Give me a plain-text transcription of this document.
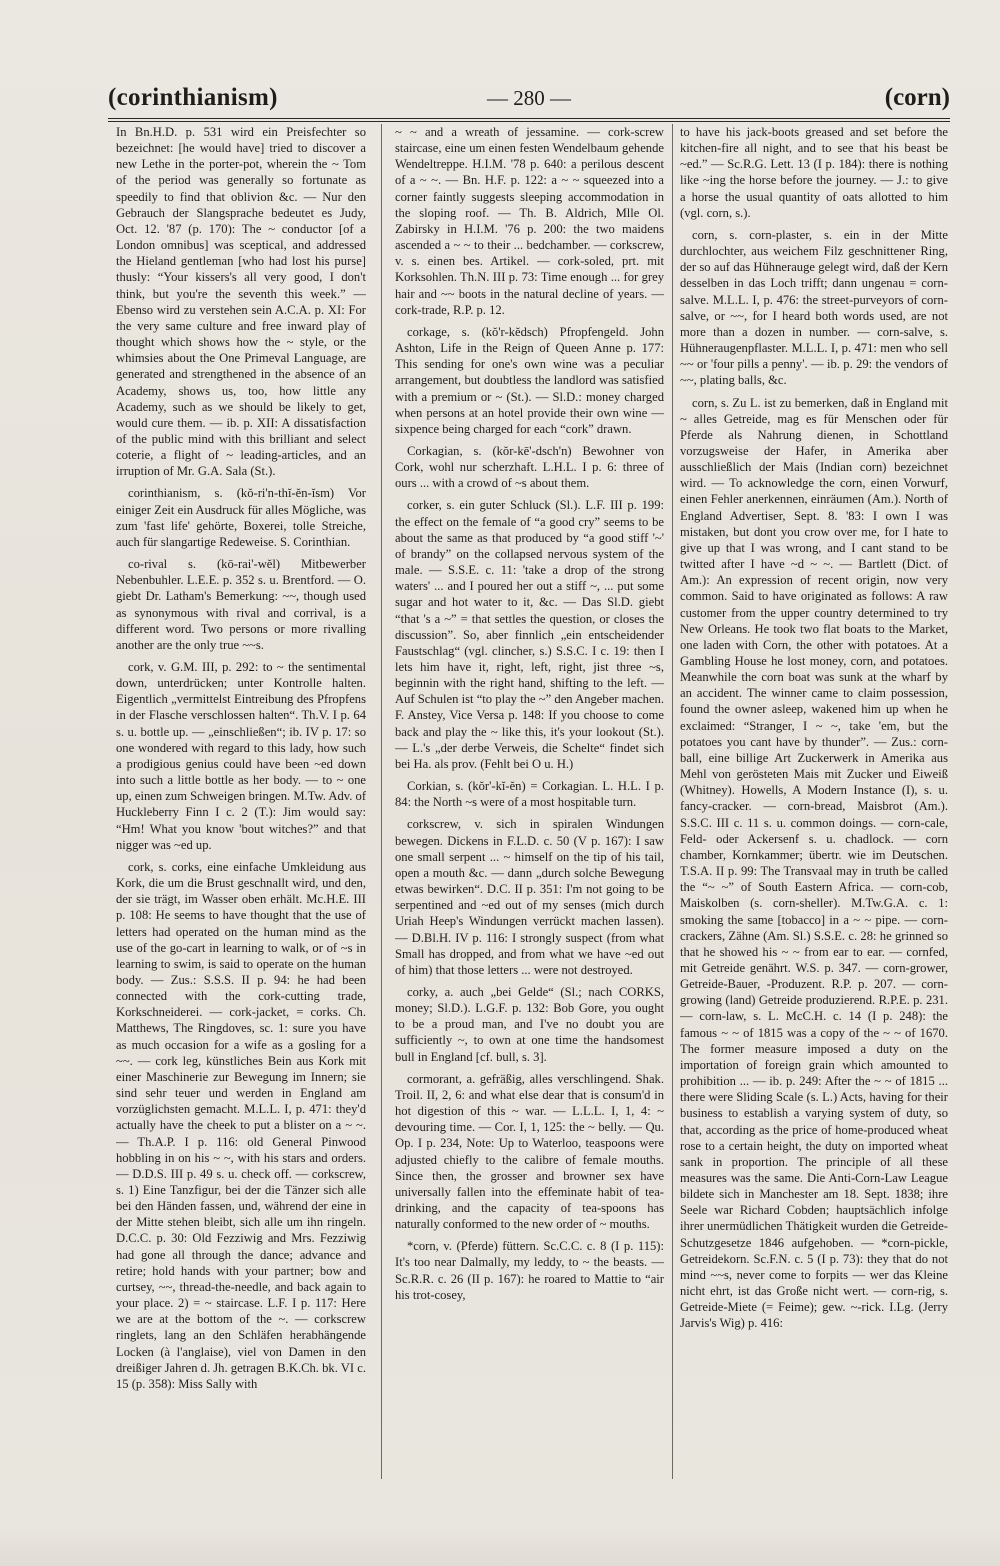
(corinthianism)	— 280 —	(corn)

In Bn.H.D. p. 531 wird ein Preisfechter so bezeichnet: [he would have] tried to discover a new Lethe in the porter-pot, wherein the ~ Tom of the period was generally so fortunate as speedily to find that oblivion &c. — Nur den Gebrauch der Slangsprache bedeutet es Judy, Oct. 12. '87 (p. 170): The ~ conductor [of a London omnibus] was sceptical, and addressed the Hieland gentleman [who had lost his purse] thusly: “Your kissers's all very good, I don't think, but you're the seventh this week.” — Ebenso wird zu verstehen sein A.C.A. p. XI: For the very same culture and free inward play of thought which shows how the ~ style, or the whimsies about the One Primeval Language, are generated and strengthened in the absence of an Academy, shows us, too, how little any Academy, such as we should be likely to get, would cure them. — ib. p. XII: A dissatisfaction of the public mind with this brilliant and select coterie, a flight of ~ leading-articles, and an irruption of Mr. G.A. Sala (St.).

corinthianism, s. (kŏ-ri'n-thĭ-ĕn-ĭsm) Vor einiger Zeit ein Ausdruck für alles Mögliche, was zum 'fast life' gehörte, Boxerei, tolle Streiche, auch für slangartige Redeweise. S. Corinthian.

co-rival s. (kō-rai'-wĕl) Mitbewerber Nebenbuhler. L.E.E. p. 352 s. u. Brentford. — O. giebt Dr. Latham's Bemerkung: ~~, though used as synonymous with rival and corrival, is a different word. Two persons or more rivalling another are the only true ~~s.

cork, v. G.M. III, p. 292: to ~ the sentimental down, unterdrücken; unter Kontrolle halten. Eigentlich „vermittelst Eintreibung des Pfropfens in der Flasche verschlossen halten“. Th.V. I p. 64 s. u. bottle up. — „einschließen“; ib. IV p. 17: so one wondered with regard to this lady, how such a prodigious genius could have been ~ed down into such a little bottle as her body. — to ~ one up, einen zum Schweigen bringen. M.Tw. Adv. of Huckleberry Finn I c. 2 (T.): Jim would say: “Hm! What you know 'bout witches?” and that nigger was ~ed up.

cork, s. corks, eine einfache Umkleidung aus Kork, die um die Brust geschnallt wird, und den, der sie trägt, im Wasser oben erhält. Mc.H.E. III p. 108: He seems to have thought that the use of letters had operated on the human mind as the use of the go-cart in learning to walk, or of ~s in learning to swim, is said to operate on the human body. — Zus.: S.S.S. II p. 94: he had been connected with the cork-cutting trade, Korkschneiderei. — cork-jacket, = corks. Ch. Matthews, The Ringdoves, sc. 1: sure you have as much occasion for a wife as a gosling for a ~~. — cork leg, künstliches Bein aus Kork mit einer Maschinerie zur Bewegung im Innern; sie sind sehr teuer und werden in England am vorzüglichsten gemacht. M.L.L. I, p. 471: they'd actually have the cheek to put a blister on a ~ ~. — Th.A.P. I p. 116: old General Pinwood hobbling in on his ~ ~, with his stars and orders. — D.D.S. III p. 49 s. u. check off. — corkscrew, s. 1) Eine Tanzfigur, bei der die Tänzer sich alle bei den Händen fassen, und, während der eine in der Mitte stehen bleibt, sich alle um ihn ringeln. D.C.C. p. 30: Old Fezziwig and Mrs. Fezziwig had gone all through the dance; advance and retire; hold hands with your partner; bow and curtsey, ~~, thread-the-needle, and back again to your place. 2) = ~ staircase. L.F. I p. 117: Here we are at the bottom of the ~. — corkscrew ringlets, lang an den Schläfen herabhängende Locken (à l'anglaise), viel von Damen in den dreißiger Jahren d. Jh. getragen B.K.Ch. bk. VI c. 15 (p. 358): Miss Sally with

~ ~ and a wreath of jessamine. — cork-screw staircase, eine um einen festen Wendelbaum gehende Wendeltreppe. H.I.M. '78 p. 640: a perilous descent of a ~ ~. — Bn. H.F. p. 122: a ~ ~ squeezed into a corner faintly suggests sleeping accommodation in the sloping roof. — Th. B. Aldrich, Mlle Ol. Zabirsky in H.I.M. '76 p. 200: the two maidens ascended a ~ ~ to their ... bedchamber. — corkscrew, v. s. einen bes. Artikel. — cork-soled, prt. mit Korksohlen. Th.N. III p. 73: Time enough ... for grey hair and ~~ boots in the natural decline of years. — cork-trade, R.P. p. 12.

corkage, s. (kŏ'r-kĕdsch) Pfropfengeld. John Ashton, Life in the Reign of Queen Anne p. 177: This sending for one's own wine was a peculiar arrangement, but doubtless the landlord was satisfied with a premium or ~ (St.). — Sl.D.: money charged when persons at an hotel provide their own wine — sixpence being charged for each “cork” drawn.

Corkagian, s. (kŏr-kē'-dsch'n) Bewohner von Cork, wohl nur scherzhaft. L.H.L. I p. 6: three of ours ... with a crowd of ~s about them.

corker, s. ein guter Schluck (Sl.). L.F. III p. 199: the effect on the female of “a good cry” seems to be about the same as that produced by “a good stiff '~' of brandy” on the collapsed nervous system of the male. — S.S.E. c. 11: 'take a drop of the strong waters' ... and I poured her out a stiff ~, ... put some sugar and hot water to it, &c. — Das Sl.D. giebt “that 's a ~” = that settles the question, or closes the discussion”. So, aber finnlich „ein entscheidender Faustschlag“ (vgl. clincher, s.) S.S.C. I c. 19: then I lets him have it, right, left, right, jist three ~s, beginnin with the right hand, shifting to the left. — Auf Schulen ist “to play the ~” den Angeber machen. F. Anstey, Vice Versa p. 148: If you choose to come back and play the ~ like this, it's your lookout (St.). — L.'s „der derbe Verweis, die Schelte“ findet sich bei Ha. als prov. (Fehlt bei O u. H.)

Corkian, s. (kŏr'-kĭ-ĕn) = Corkagian. L. H.L. I p. 84: the North ~s were of a most hospitable turn.

corkscrew, v. sich in spiralen Windungen bewegen. Dickens in F.L.D. c. 50 (V p. 167): I saw one small serpent ... ~ himself on the tip of his tail, open a mouth &c. — dann „durch solche Bewegung etwas bewirken“. D.C. II p. 351: I'm not going to be serpentined and ~ed out of my senses (mich durch Uriah Heep's Windungen verrückt machen lassen). — D.Bl.H. IV p. 116: I strongly suspect (from what Small has dropped, and from what we have ~ed out of him) that those letters ... were not destroyed.

corky, a. auch „bei Gelde“ (Sl.; nach CORKS, money; Sl.D.). L.G.F. p. 132: Bob Gore, you ought to be a proud man, and I've no doubt you are sufficiently ~, to own at one time the handsomest bull in England [cf. bull, s. 3].

cormorant, a. gefräßig, alles verschlingend. Shak. Troil. II, 2, 6: and what else dear that is consum'd in hot digestion of this ~ war. — L.L.L. I, 1, 4: ~ devouring time. — Cor. I, 1, 125: the ~ belly. — Qu. Op. I p. 234, Note: Up to Waterloo, teaspoons were adjusted chiefly to the calibre of female mouths. Since then, the grosser and browner sex have universally fallen into the effeminate habit of tea-drinking, and the capacity of tea-spoons has naturally conformed to the new order of ~ mouths.

*corn, v. (Pferde) füttern. Sc.C.C. c. 8 (I p. 115): It's too near Dalmally, my leddy, to ~ the beasts. — Sc.R.R. c. 26 (II p. 167): he roared to Mattie to “air his trot-cosey,

to have his jack-boots greased and set before the kitchen-fire all night, and to see that his beast be ~ed.” — Sc.R.G. Lett. 13 (I p. 184): there is nothing like ~ing the horse before the journey. — J.: to give a horse the usual quantity of oats allotted to him (vgl. corn, s.).

corn, s. corn-plaster, s. ein in der Mitte durchlochter, aus weichem Filz geschnittener Ring, der so auf das Hühnerauge gelegt wird, daß der Kern desselben in das Loch trifft; dann ungenau = corn-salve. M.L.L. I, p. 476: the street-purveyors of corn-salve, or ~~, for I heard both words used, are not more than a dozen in number. — corn-salve, s. Hühneraugenpflaster. M.L.L. I, p. 471: men who sell ~~ or 'four pills a penny'. — ib. p. 29: the vendors of ~~, plating balls, &c.

corn, s. Zu L. ist zu bemerken, daß in England mit ~ alles Getreide, mag es für Menschen oder für Pferde als Nahrung dienen, in Schottland vorzugsweise der Hafer, in Amerika aber ausschließlich der Mais (Indian corn) bezeichnet wird. — To acknowledge the corn, einen Vorwurf, einen Fehler anerkennen, einräumen (Am.). North of England Advertiser, Sept. 8. '83: I own I was mistaken, but dont you crow over me, for I hate to give up that I was wrong, and I cant stand to be twitted after I have ~d ~ ~. — Bartlett (Dict. of Am.): An expression of recent origin, now very common. Said to have originated as follows: A raw customer from the upper country determined to try New Orleans. He took two flat boats to the Market, one laden with Corn, the other with potatoes. At a Gambling House he lost money, corn, and potatoes. Meanwhile the corn boat was sunk at the wharf by an accident. The winner came to claim possession, found the owner asleep, wakened him up when he exclaimed: “Stranger, I ~ ~, take 'em, but the potatoes you cant have by thunder”. — Zus.: corn-ball, eine billige Art Zuckerwerk in Amerika aus Mehl von gerösteten Mais mit Zucker und Eiweiß (Whitney). Howells, A Modern Instance (I), s. u. fancy-cracker. — corn-bread, Maisbrot (Am.). S.S.C. III c. 11 s. u. common doings. — corn-cale, Feld- oder Ackersenf s. u. chadlock. — corn chamber, Kornkammer; übertr. wie im Deutschen. T.S.A. II p. 99: The Transvaal may in truth be called the “~ ~” of South Eastern Africa. — corn-cob, Maiskolben (s. corn-sheller). M.Tw.G.A. c. 1: smoking the same [tobacco] in a ~ ~ pipe. — corn-crackers, Zähne (Am. Sl.) S.S.E. c. 28: he grinned so that he showed his ~ ~ from ear to ear. — cornfed, mit Getreide genährt. W.S. p. 347. — corn-grower, Getreide-Bauer, -Produzent. R.P. p. 207. — corn-growing (land) Getreide produzierend. R.P.E. p. 231. — corn-law, s. L. McC.H. c. 14 (I p. 248): the famous ~ ~ of 1815 was a copy of the ~ ~ of 1670. The former measure imposed a duty on the importation of foreign grain which amounted to prohibition ... — ib. p. 249: After the ~ ~ of 1815 ... there were Sliding Scale (s. L.) Acts, having for their business to establish a varying system of duty, so that, according as the price of home-produced wheat rose to a certain height, the duty on imported wheat sank in proportion. The principle of all these measures was the same. Die Anti-Corn-Law League bildete sich in Manchester am 18. Sept. 1838; ihre Seele war Richard Cobden; hauptsächlich infolge ihrer unermüdlichen Thätigkeit wurden die Getreide-Schutzgesetze 1846 aufgehoben. — *corn-pickle, Getreidekorn. Sc.F.N. c. 5 (I p. 73): they that do not mind ~~s, never come to forpits — wer das Kleine nicht ehrt, ist das Große nicht wert. — corn-rig, s. Getreide-Miete (= Feime); gew. ~-rick. I.Lg. (Jerry Jarvis's Wig) p. 416:
